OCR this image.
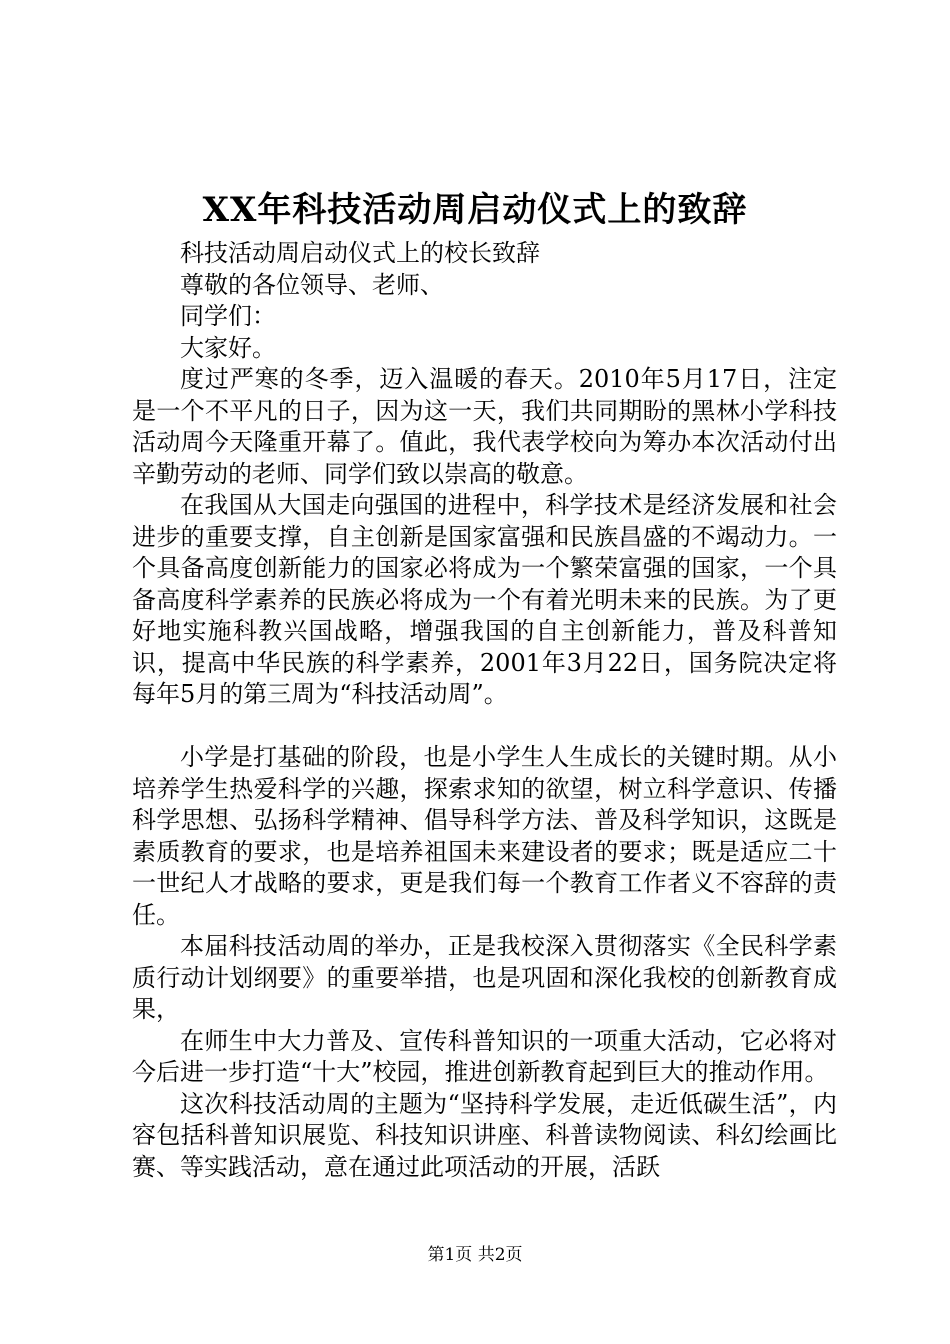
XX年科技活动周启动仪式上的致辞

科技活动周启动仪式上的校长致辞

尊敬的各位领导、老师、

同学们：

大家好。

度过严寒的冬季，迈入温暖的春天。2010年5月17日，注定是一个不平凡的日子，因为这一天，我们共同期盼的黑林小学科技活动周今天隆重开幕了。值此，我代表学校向为筹办本次活动付出辛勤劳动的老师、同学们致以崇高的敬意。

在我国从大国走向强国的进程中，科学技术是经济发展和社会进步的重要支撑，自主创新是国家富强和民族昌盛的不竭动力。一个具备高度创新能力的国家必将成为一个繁荣富强的国家，一个具备高度科学素养的民族必将成为一个有着光明未来的民族。为了更好地实施科教兴国战略，增强我国的自主创新能力，普及科普知识，提高中华民族的科学素养，2001年3月22日，国务院决定将每年5月的第三周为“科技活动周”。

小学是打基础的阶段，也是小学生人生成长的关键时期。从小培养学生热爱科学的兴趣，探索求知的欲望，树立科学意识、传播科学思想、弘扬科学精神、倡导科学方法、普及科学知识，这既是素质教育的要求，也是培养祖国未来建设者的要求；既是适应二十一世纪人才战略的要求，更是我们每一个教育工作者义不容辞的责任。

本届科技活动周的举办，正是我校深入贯彻落实《全民科学素质行动计划纲要》的重要举措，也是巩固和深化我校的创新教育成果，

在师生中大力普及、宣传科普知识的一项重大活动，它必将对今后进一步打造“十大”校园，推进创新教育起到巨大的推动作用。

这次科技活动周的主题为“坚持科学发展，走近低碳生活”，内容包括科普知识展览、科技知识讲座、科普读物阅读、科幻绘画比赛、等实践活动，意在通过此项活动的开展，活跃

第1页 共2页
